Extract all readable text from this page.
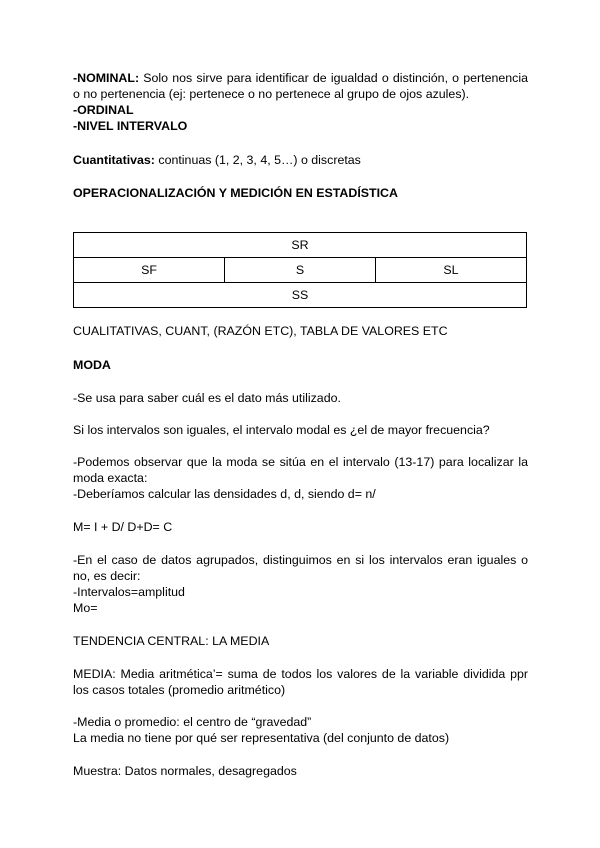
-NOMINAL: Solo nos sirve para identificar de igualdad o distinción, o pertenencia o no pertenencia (ej: pertenece o no pertenece al grupo de ojos azules).

-ORDINAL

-NIVEL INTERVALO

Cuantitativas: continuas (1, 2, 3, 4, 5…) o discretas

OPERACIONALIZACIÓN Y MEDICIÓN EN ESTADÍSTICA

SR
SF	S	SL
SS

CUALITATIVAS, CUANT, (RAZÓN ETC), TABLA DE VALORES ETC

MODA

-Se usa para saber cuál es el dato más utilizado.

Si los intervalos son iguales, el intervalo modal es ¿el de mayor frecuencia?

-Podemos observar que la moda se sitúa en el intervalo (13-17) para localizar la moda exacta:

-Deberíamos calcular las densidades d, d, siendo d= n/

M= I + D/ D+D= C

-En el caso de datos agrupados, distinguimos en si los intervalos eran iguales o no, es decir:

-Intervalos=amplitud

Mo=

TENDENCIA CENTRAL: LA MEDIA

MEDIA: Media aritmética’= suma de todos los valores de la variable dividida ppr los casos totales (promedio aritmético)

-Media o promedio: el centro de “gravedad”

La media no tiene por qué ser representativa (del conjunto de datos)

Muestra: Datos normales, desagregados
